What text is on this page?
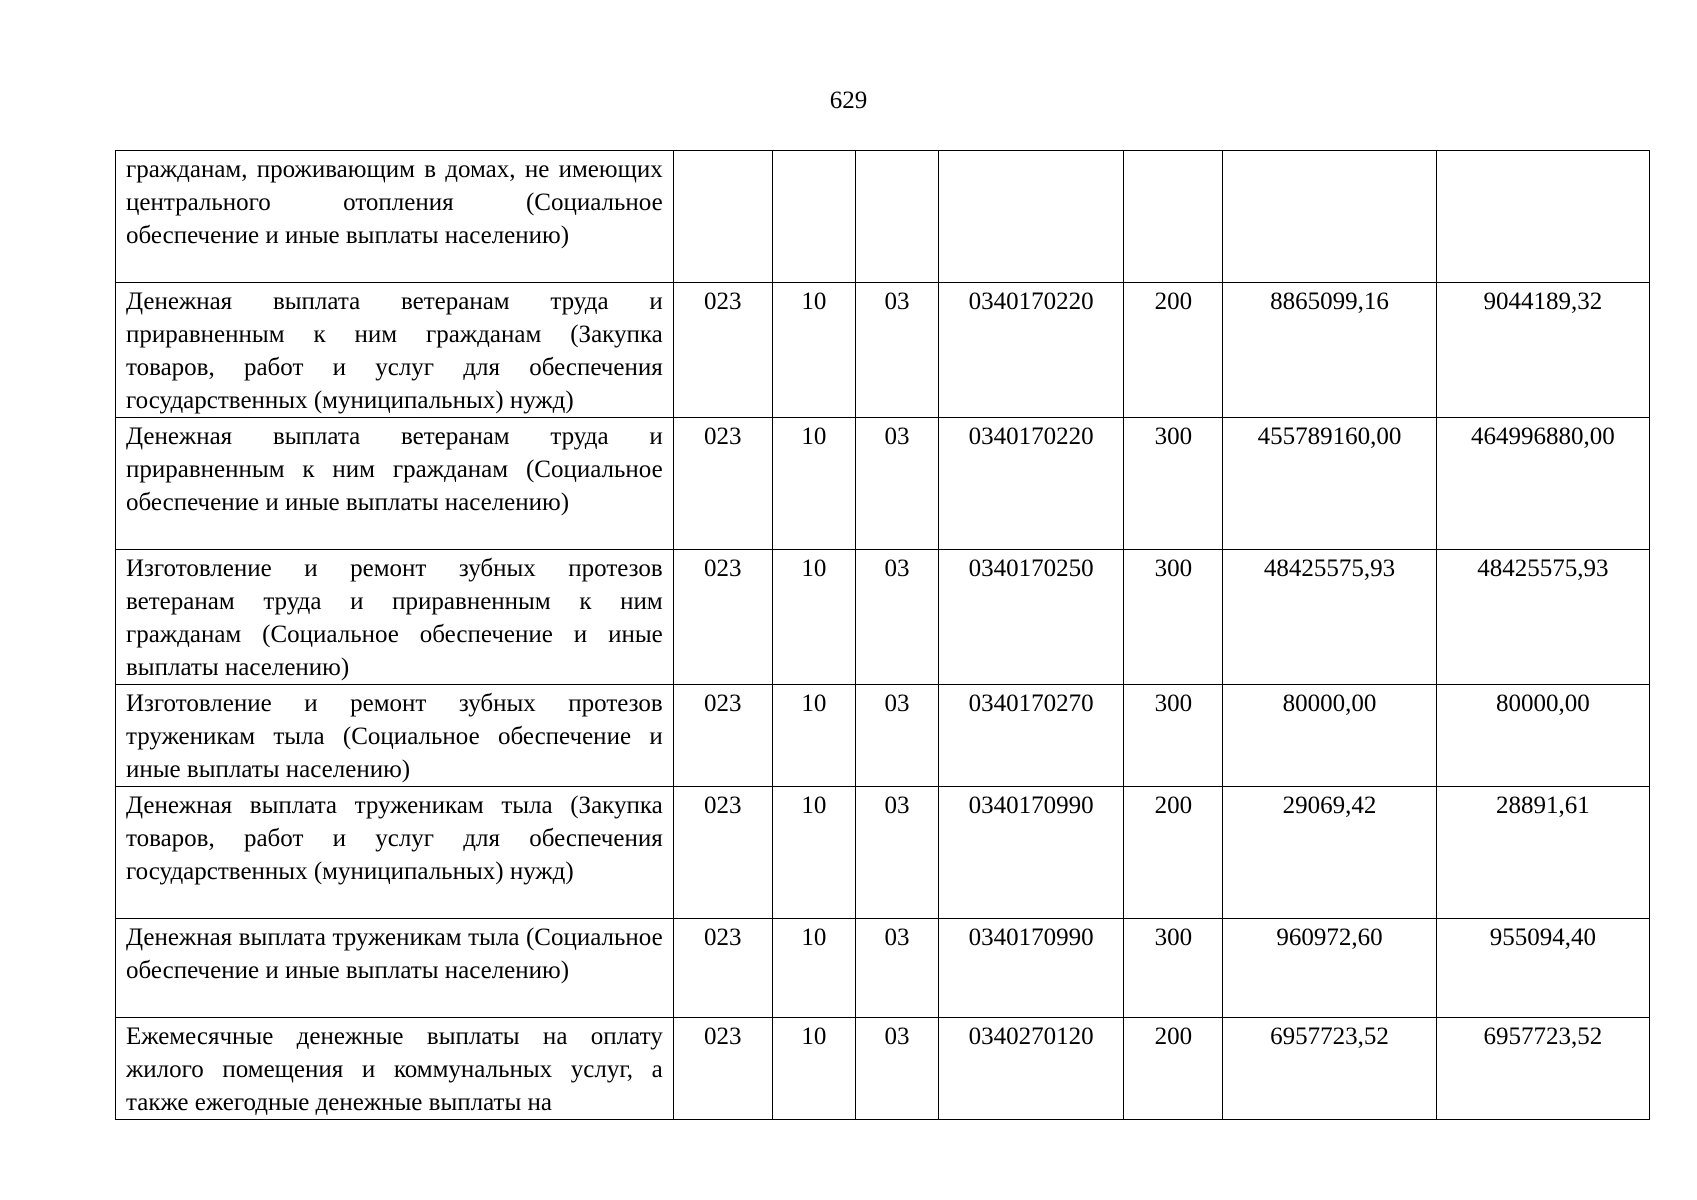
629
гражданам, проживающим в домах, не имеющих центрального отопления (Социальное обеспечение и иные выплаты населению)							
Денежная выплата ветеранам труда и приравненным к ним гражданам (Закупка товаров, работ и услуг для обеспечения государственных (муниципальных) нужд)	023	10	03	0340170220	200	8865099,16	9044189,32
Денежная выплата ветеранам труда и приравненным к ним гражданам (Социальное обеспечение и иные выплаты населению)	023	10	03	0340170220	300	455789160,00	464996880,00
Изготовление и ремонт зубных протезов ветеранам труда и приравненным к ним гражданам (Социальное обеспечение и иные выплаты населению)	023	10	03	0340170250	300	48425575,93	48425575,93
Изготовление и ремонт зубных протезов труженикам тыла (Социальное обеспечение и иные выплаты населению)	023	10	03	0340170270	300	80000,00	80000,00
Денежная выплата труженикам тыла (Закупка товаров, работ и услуг для обеспечения государственных (муниципальных) нужд)	023	10	03	0340170990	200	29069,42	28891,61
Денежная выплата труженикам тыла (Социальное обеспечение и иные выплаты населению)	023	10	03	0340170990	300	960972,60	955094,40
Ежемесячные денежные выплаты на оплату жилого помещения и коммунальных услуг, а также ежегодные денежные выплаты на	023	10	03	0340270120	200	6957723,52	6957723,52
